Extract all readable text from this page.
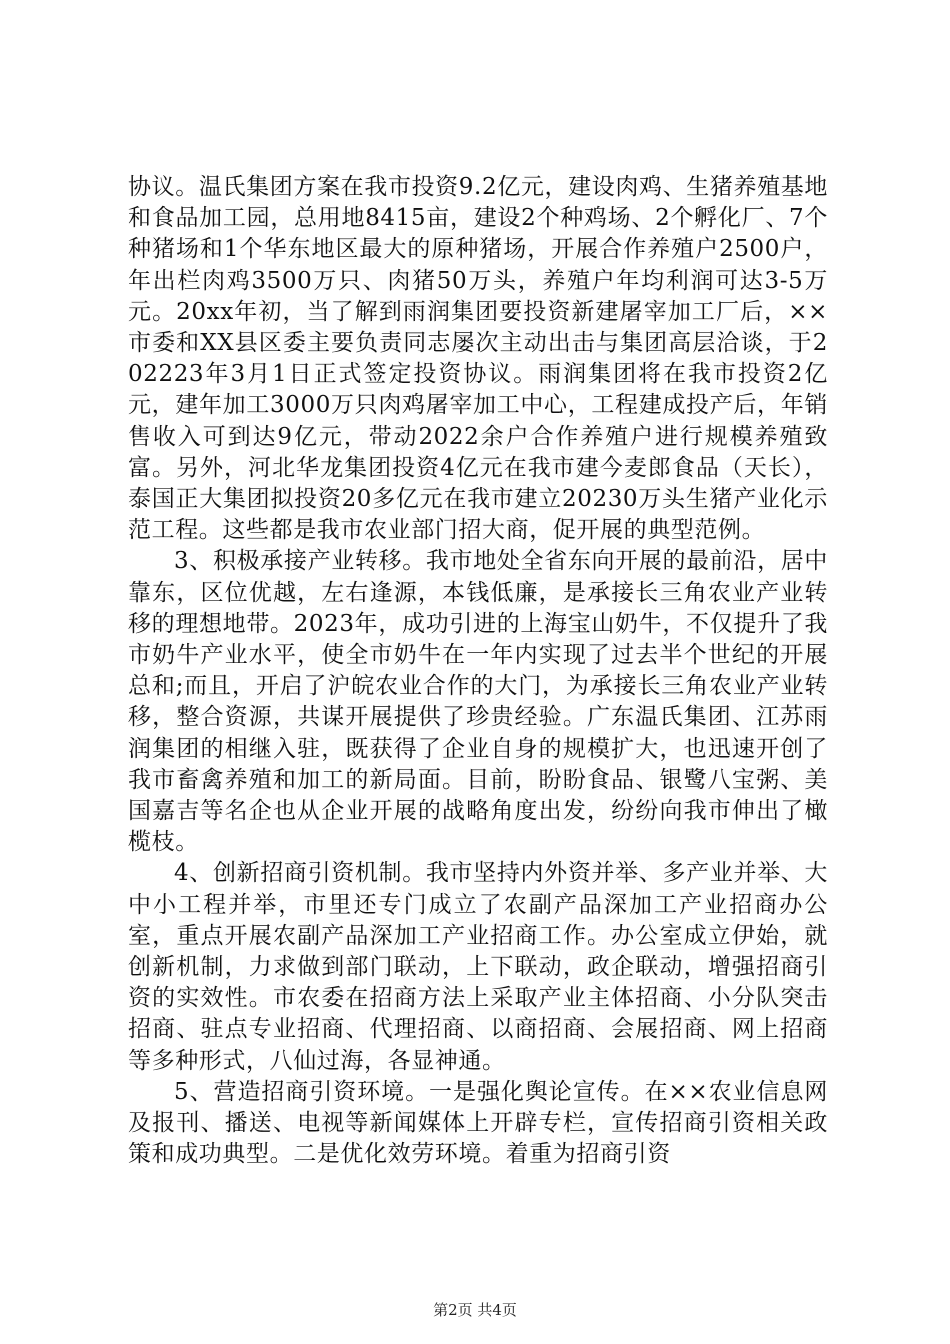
协议。温氏集团方案在我市投资9.2亿元，建设肉鸡、生猪养殖基地和食品加工园，总用地8415亩，建设2个种鸡场、2个孵化厂、7个种猪场和1个华东地区最大的原种猪场，开展合作养殖户2500户，年出栏肉鸡3500万只、肉猪50万头，养殖户年均利润可达3-5万元。20xx年初，当了解到雨润集团要投资新建屠宰加工厂后，××市委和XX县区委主要负责同志屡次主动出击与集团高层洽谈，于202223年3月1日正式签定投资协议。雨润集团将在我市投资2亿元，建年加工3000万只肉鸡屠宰加工中心，工程建成投产后，年销售收入可到达9亿元，带动2022余户合作养殖户进行规模养殖致富。另外，河北华龙集团投资4亿元在我市建今麦郎食品（天长），泰国正大集团拟投资20多亿元在我市建立20230万头生猪产业化示范工程。这些都是我市农业部门招大商，促开展的典型范例。

3、积极承接产业转移。我市地处全省东向开展的最前沿，居中靠东，区位优越，左右逢源，本钱低廉，是承接长三角农业产业转移的理想地带。2023年，成功引进的上海宝山奶牛，不仅提升了我市奶牛产业水平，使全市奶牛在一年内实现了过去半个世纪的开展总和;而且，开启了沪皖农业合作的大门，为承接长三角农业产业转移，整合资源，共谋开展提供了珍贵经验。广东温氏集团、江苏雨润集团的相继入驻，既获得了企业自身的规模扩大，也迅速开创了我市畜禽养殖和加工的新局面。目前，盼盼食品、银鹭八宝粥、美国嘉吉等名企也从企业开展的战略角度出发，纷纷向我市伸出了橄榄枝。

4、创新招商引资机制。我市坚持内外资并举、多产业并举、大中小工程并举，市里还专门成立了农副产品深加工产业招商办公室，重点开展农副产品深加工产业招商工作。办公室成立伊始，就创新机制，力求做到部门联动，上下联动，政企联动，增强招商引资的实效性。市农委在招商方法上采取产业主体招商、小分队突击招商、驻点专业招商、代理招商、以商招商、会展招商、网上招商等多种形式，八仙过海，各显神通。

5、营造招商引资环境。一是强化舆论宣传。在××农业信息网及报刊、播送、电视等新闻媒体上开辟专栏，宣传招商引资相关政策和成功典型。二是优化效劳环境。着重为招商引资

第2页 共4页
